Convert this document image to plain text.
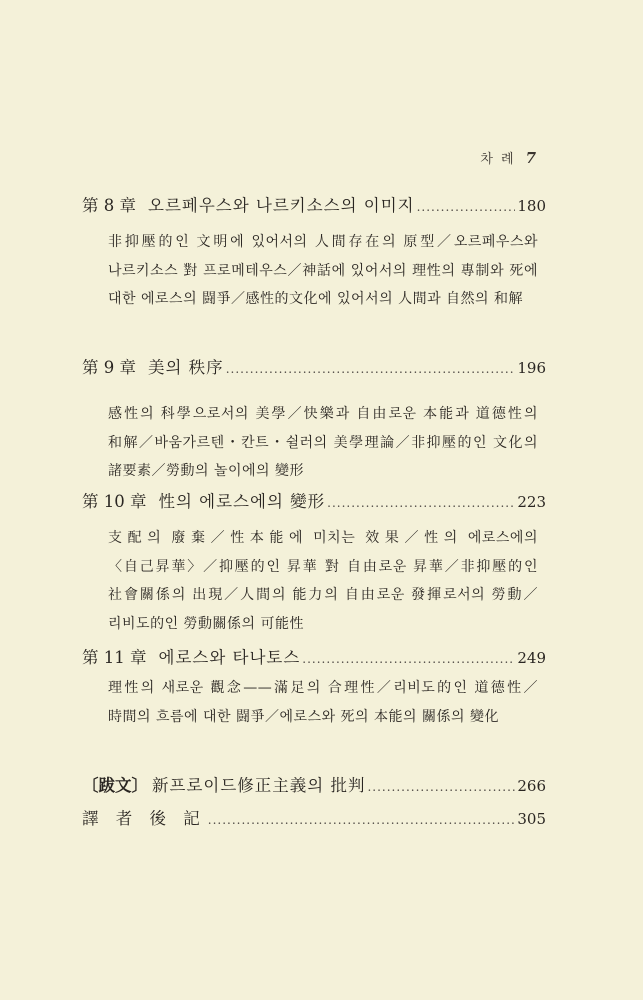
차 례 7
第 8 章 오르페우스와 나르키소스의 이미지 .....	180
非抑壓的인 文明에 있어서의 人間存在의 原型／오르페우스와 나르키소스 對 프로메테우스／神話에 있어서의 理性의 專制와 死에 대한 에로스의 闘爭／感性的文化에 있어서의 人間과 自然의 和解
第 9 章 美의 秩序 .....	196
感性의 科學으로서의 美學／快樂과 自由로운 本能과 道德性의 和解／바움가르텐・칸트・쉴러의 美學理論／非抑壓的인 文化의 諸要素／勞動의 놀이에의 變形
第 10 章 性의 에로스에의 變形 .....	223
支配의 廢棄／性本能에 미치는 效果／性의 에로스에의 〈自己昇華〉／抑壓的인 昇華 對 自由로운 昇華／非抑壓的인 社會關係의 出現／人間의 能力의 自由로운 發揮로서의 勞動／리비도的인 勞動關係의 可能性
第 11 章 에로스와 타나토스 .....	249
理性의 새로운 觀念——滿足의 合理性／리비도的인 道德性／時間의 흐름에 대한 闘爭／에로스와 死의 本能의 關係의 變化
〔跋文〕 新프로이드修正主義의 批判 .....	266
譯 者 後 記 .....	305
